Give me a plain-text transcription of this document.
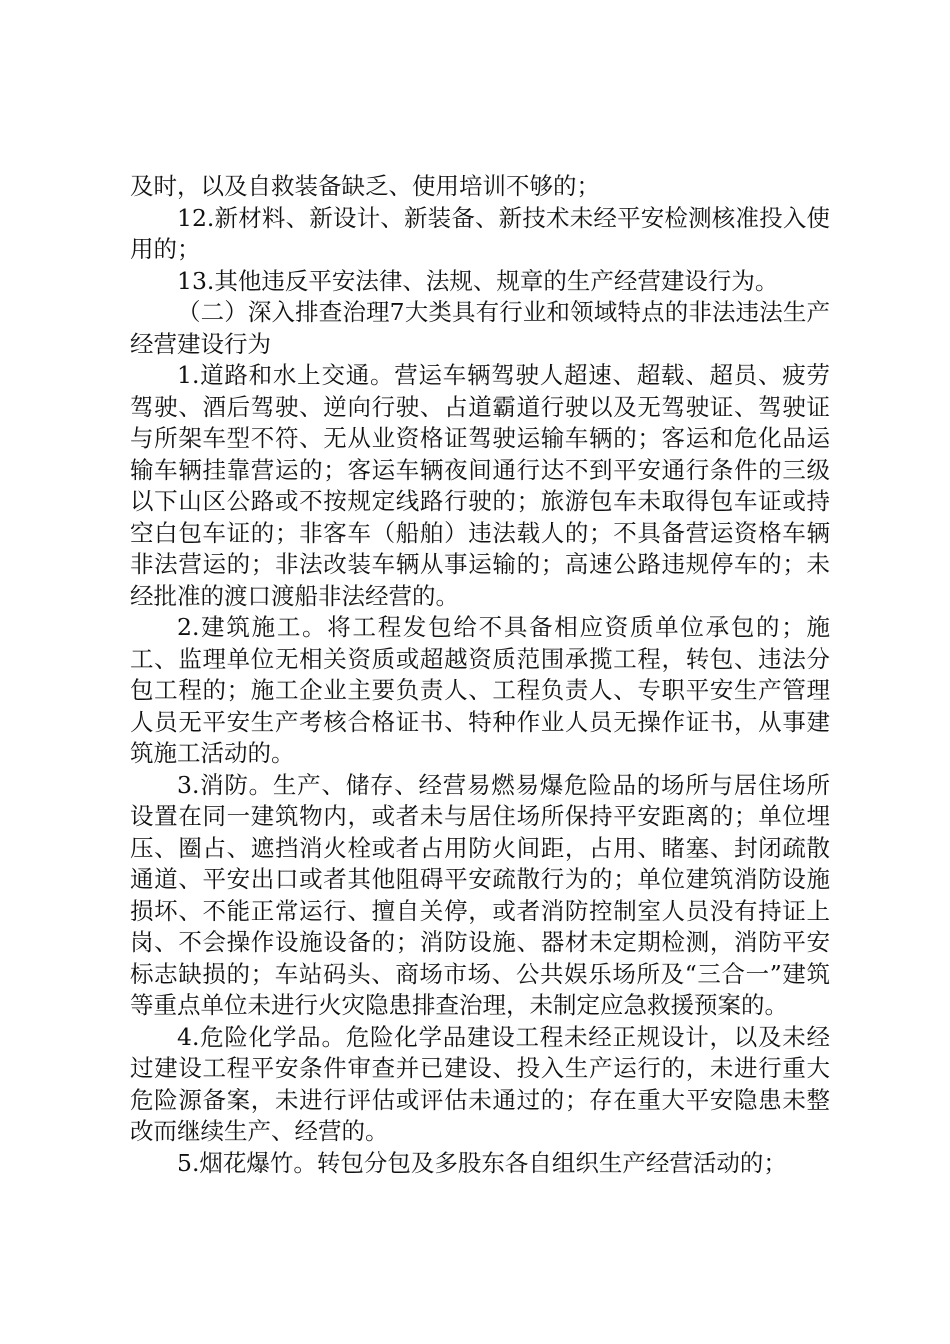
及时，以及自救装备缺乏、使用培训不够的；

12.新材料、新设计、新装备、新技术未经平安检测核准投入使用的；

13.其他违反平安法律、法规、规章的生产经营建设行为。

（二）深入排查治理7大类具有行业和领域特点的非法违法生产经营建设行为

1.道路和水上交通。营运车辆驾驶人超速、超载、超员、疲劳驾驶、酒后驾驶、逆向行驶、占道霸道行驶以及无驾驶证、驾驶证与所架车型不符、无从业资格证驾驶运输车辆的；客运和危化品运输车辆挂靠营运的；客运车辆夜间通行达不到平安通行条件的三级以下山区公路或不按规定线路行驶的；旅游包车未取得包车证或持空白包车证的；非客车（船舶）违法载人的；不具备营运资格车辆非法营运的；非法改装车辆从事运输的；高速公路违规停车的；未经批准的渡口渡船非法经营的。

2.建筑施工。将工程发包给不具备相应资质单位承包的；施工、监理单位无相关资质或超越资质范围承揽工程，转包、违法分包工程的；施工企业主要负责人、工程负责人、专职平安生产管理人员无平安生产考核合格证书、特种作业人员无操作证书，从事建筑施工活动的。

3.消防。生产、储存、经营易燃易爆危险品的场所与居住场所设置在同一建筑物内，或者未与居住场所保持平安距离的；单位埋压、圈占、遮挡消火栓或者占用防火间距，占用、睹塞、封闭疏散通道、平安出口或者其他阻碍平安疏散行为的；单位建筑消防设施损坏、不能正常运行、擅自关停，或者消防控制室人员没有持证上岗、不会操作设施设备的；消防设施、器材未定期检测，消防平安标志缺损的；车站码头、商场市场、公共娱乐场所及“三合一”建筑等重点单位未进行火灾隐患排查治理，未制定应急救援预案的。

4.危险化学品。危险化学品建设工程未经正规设计，以及未经过建设工程平安条件审查并已建设、投入生产运行的，未进行重大危险源备案，未进行评估或评估未通过的；存在重大平安隐患未整改而继续生产、经营的。

5.烟花爆竹。转包分包及多股东各自组织生产经营活动的；
